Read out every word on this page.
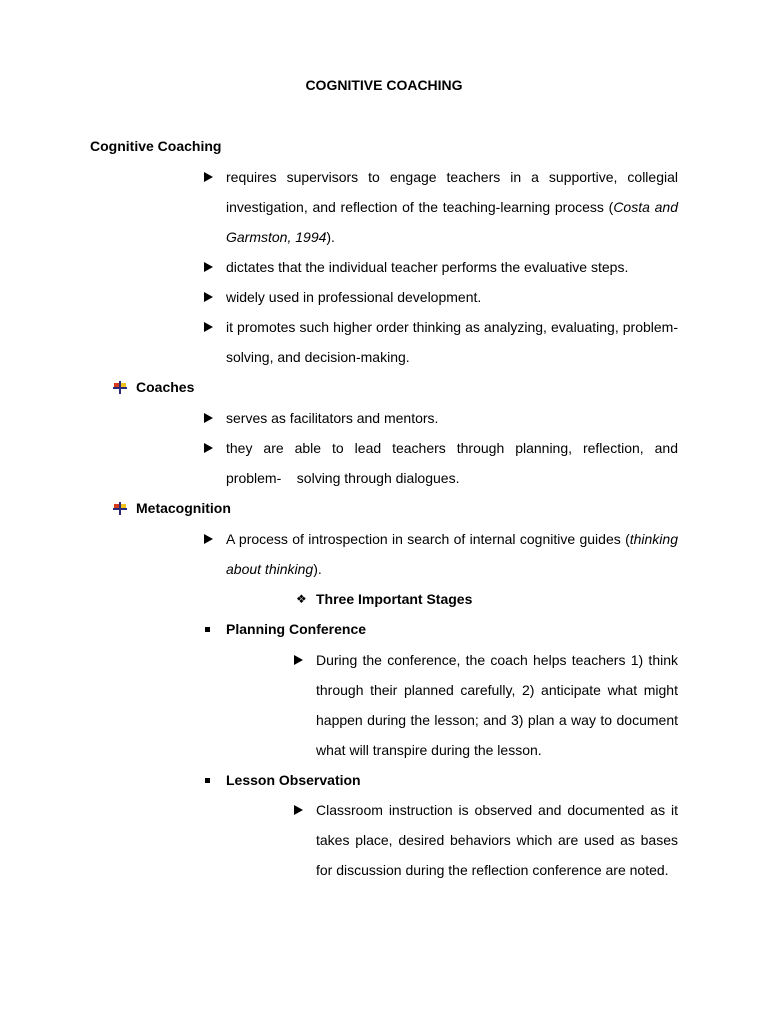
COGNITIVE COACHING
Cognitive Coaching
requires supervisors to engage teachers in a supportive, collegial investigation, and reflection of the teaching-learning process (Costa and Garmston, 1994).
dictates that the individual teacher performs the evaluative steps.
widely used in professional development.
it promotes such higher order thinking as analyzing, evaluating, problem-solving, and decision-making.
Coaches
serves as facilitators and mentors.
they are able to lead teachers through planning, reflection, and
problem-    solving through dialogues.
Metacognition
A process of introspection in search of internal cognitive guides (thinking about thinking).
❖ Three Important Stages
Planning Conference
During the conference, the coach helps teachers 1) think through their planned carefully, 2) anticipate what might happen during the lesson; and 3) plan a way to document what will transpire during the lesson.
Lesson Observation
Classroom instruction is observed and documented as it takes place, desired behaviors which are used as bases for discussion during the reflection conference are noted.
